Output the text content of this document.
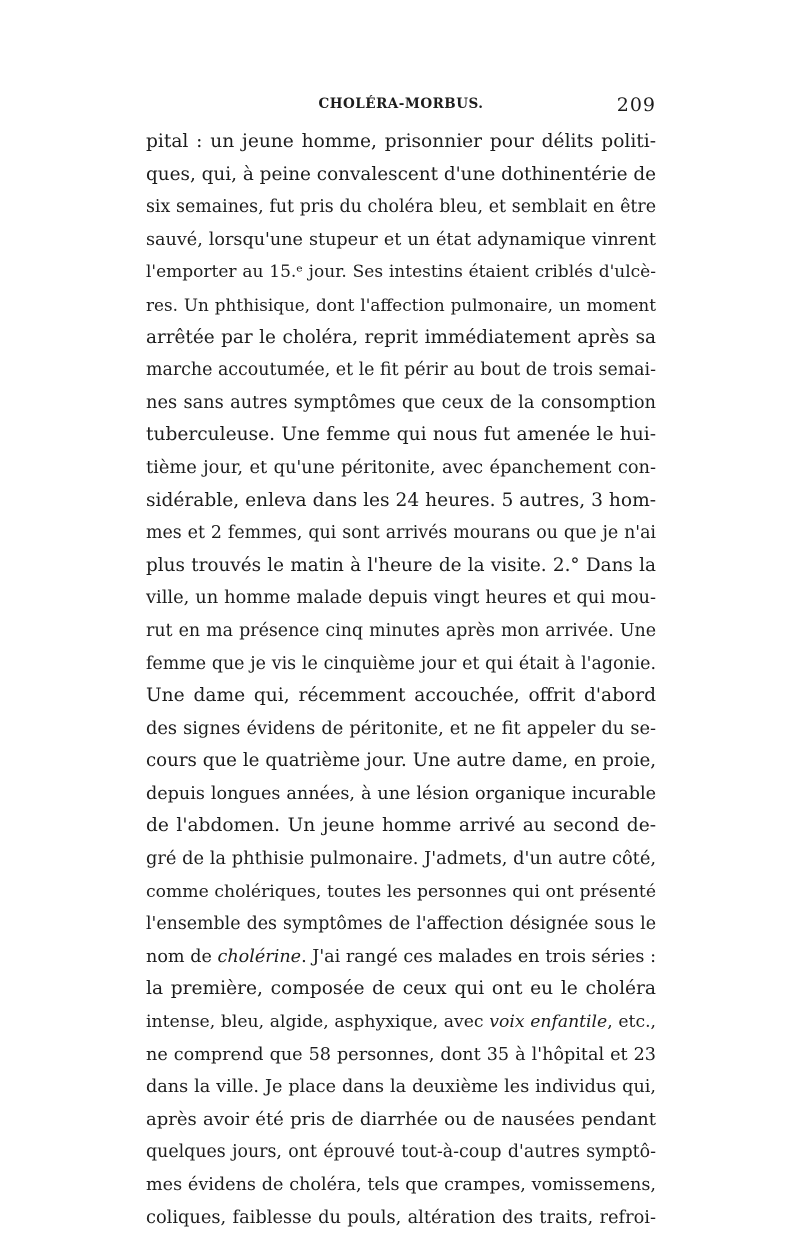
CHOLÉRA-MORBUS.	209
pital : un jeune homme, prisonnier pour délits politi-
ques, qui, à peine convalescent d'une dothinentérie de
six semaines, fut pris du choléra bleu, et semblait en être
sauvé, lorsqu'une stupeur et un état adynamique vinrent
l'emporter au 15.ᵉ jour. Ses intestins étaient criblés d'ulcè-
res. Un phthisique, dont l'affection pulmonaire, un moment
arrêtée par le choléra, reprit immédiatement après sa
marche accoutumée, et le fit périr au bout de trois semai-
nes sans autres symptômes que ceux de la consomption
tuberculeuse. Une femme qui nous fut amenée le hui-
tième jour, et qu'une péritonite, avec épanchement con-
sidérable, enleva dans les 24 heures. 5 autres, 3 hom-
mes et 2 femmes, qui sont arrivés mourans ou que je n'ai
plus trouvés le matin à l'heure de la visite. 2.° Dans la
ville, un homme malade depuis vingt heures et qui mou-
rut en ma présence cinq minutes après mon arrivée. Une
femme que je vis le cinquième jour et qui était à l'agonie.
Une dame qui, récemment accouchée, offrit d'abord
des signes évidens de péritonite, et ne fit appeler du se-
cours que le quatrième jour. Une autre dame, en proie,
depuis longues années, à une lésion organique incurable
de l'abdomen. Un jeune homme arrivé au second de-
gré de la phthisie pulmonaire. J'admets, d'un autre côté,
comme cholériques, toutes les personnes qui ont présenté
l'ensemble des symptômes de l'affection désignée sous le
nom de cholérine. J'ai rangé ces malades en trois séries :
la première, composée de ceux qui ont eu le choléra
intense, bleu, algide, asphyxique, avec voix enfantile, etc.,
ne comprend que 58 personnes, dont 35 à l'hôpital et 23
dans la ville. Je place dans la deuxième les individus qui,
après avoir été pris de diarrhée ou de nausées pendant
quelques jours, ont éprouvé tout-à-coup d'autres symptô-
mes évidens de choléra, tels que crampes, vomissemens,
coliques, faiblesse du pouls, altération des traits, refroi-
